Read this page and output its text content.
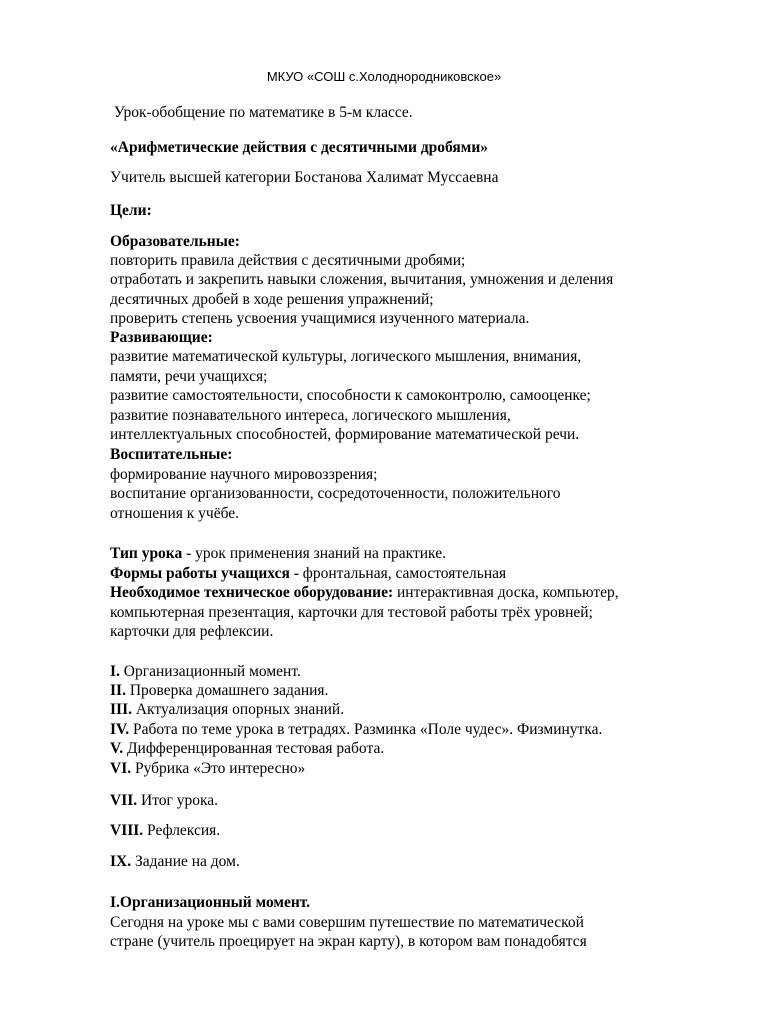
МКУО «СОШ с.Холоднородниковское»
Урок-обобщение по математике в 5-м классе.
«Арифметические действия с десятичными дробями»
Учитель высшей категории Бостанова Халимат Муссаевна
Цели:
Образовательные:
повторить правила действия с десятичными дробями;
отработать и закрепить навыки сложения, вычитания, умножения и деления
десятичных дробей в ходе решения упражнений;
проверить степень усвоения учащимися изученного материала.
Развивающие:
развитие математической культуры, логического мышления, внимания,
памяти, речи учащихся;
развитие самостоятельности, способности к самоконтролю, самооценке;
развитие познавательного интереса, логического мышления,
интеллектуальных способностей, формирование математической речи.
Воспитательные:
формирование научного мировоззрения;
воспитание организованности, сосредоточенности, положительного
отношения к учёбе.
Тип урока - урок применения знаний на практике.
Формы работы учащихся - фронтальная, самостоятельная
Необходимое техническое оборудование: интерактивная доска, компьютер,
компьютерная презентация, карточки для тестовой работы трёх уровней;
карточки для рефлексии.
I. Организационный момент.
II. Проверка домашнего задания.
III. Актуализация опорных знаний.
IV. Работа по теме урока в тетрадях. Разминка «Поле чудес». Физминутка.
V. Дифференцированная тестовая работа.
VI. Рубрика «Это интересно»
VII. Итог урока.
VIII. Рефлексия.
IX. Задание на дом.
I.Организационный момент.
Сегодня на уроке мы с вами совершим путешествие по математической
стране (учитель проецирует на экран карту), в котором вам понадобятся
